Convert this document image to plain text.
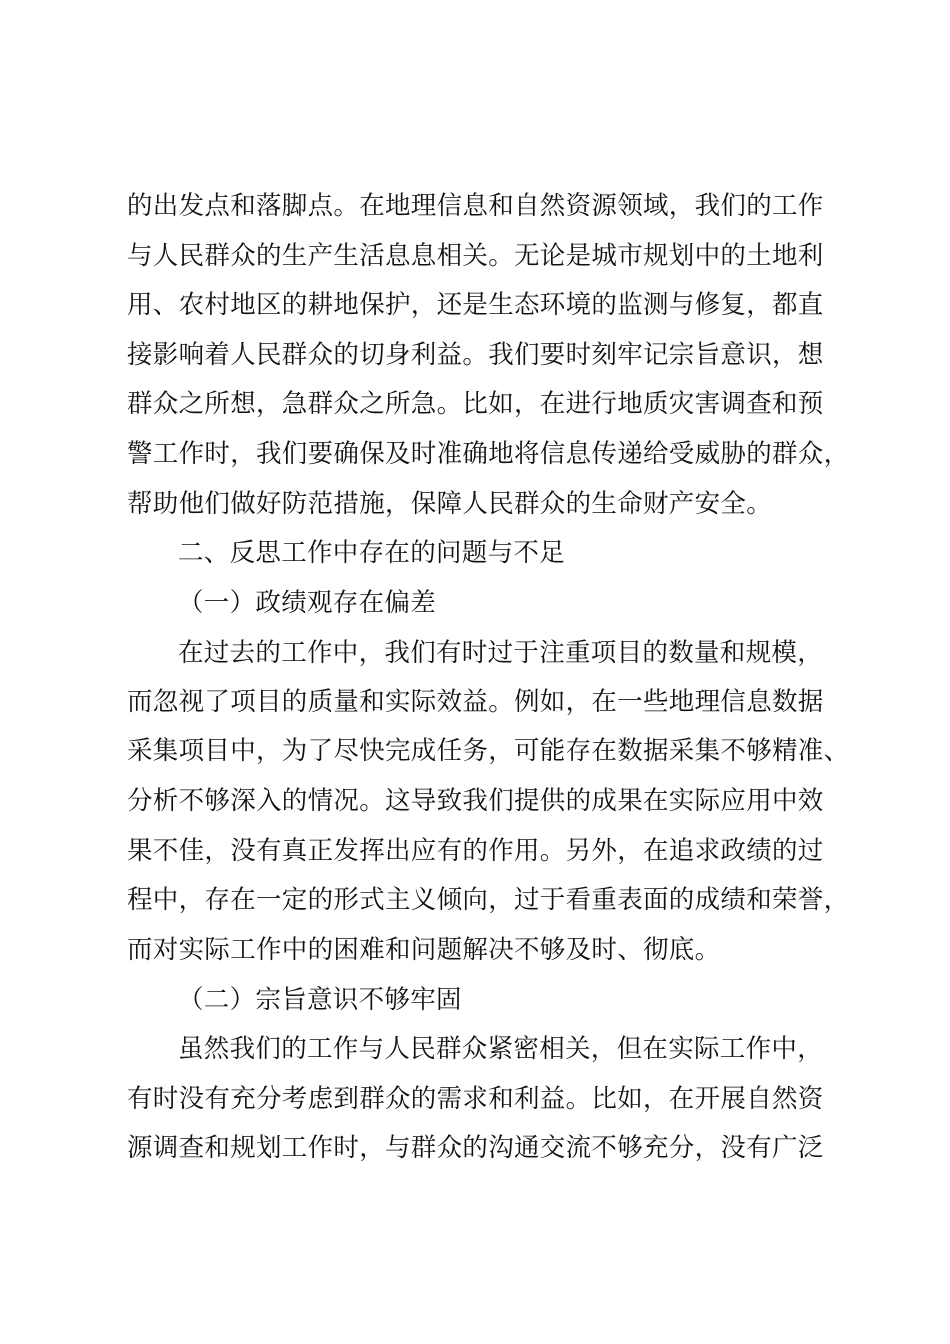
的出发点和落脚点。在地理信息和自然资源领域，我们的工作

与人民群众的生产生活息息相关。无论是城市规划中的土地利

用、农村地区的耕地保护，还是生态环境的监测与修复，都直

接影响着人民群众的切身利益。我们要时刻牢记宗旨意识，想

群众之所想，急群众之所急。比如，在进行地质灾害调查和预

警工作时，我们要确保及时准确地将信息传递给受威胁的群众，

帮助他们做好防范措施，保障人民群众的生命财产安全。

二、反思工作中存在的问题与不足

（一）政绩观存在偏差

在过去的工作中，我们有时过于注重项目的数量和规模，

而忽视了项目的质量和实际效益。例如，在一些地理信息数据

采集项目中，为了尽快完成任务，可能存在数据采集不够精准、

分析不够深入的情况。这导致我们提供的成果在实际应用中效

果不佳，没有真正发挥出应有的作用。另外，在追求政绩的过

程中，存在一定的形式主义倾向，过于看重表面的成绩和荣誉，

而对实际工作中的困难和问题解决不够及时、彻底。

（二）宗旨意识不够牢固

虽然我们的工作与人民群众紧密相关，但在实际工作中，

有时没有充分考虑到群众的需求和利益。比如，在开展自然资

源调查和规划工作时，与群众的沟通交流不够充分，没有广泛
